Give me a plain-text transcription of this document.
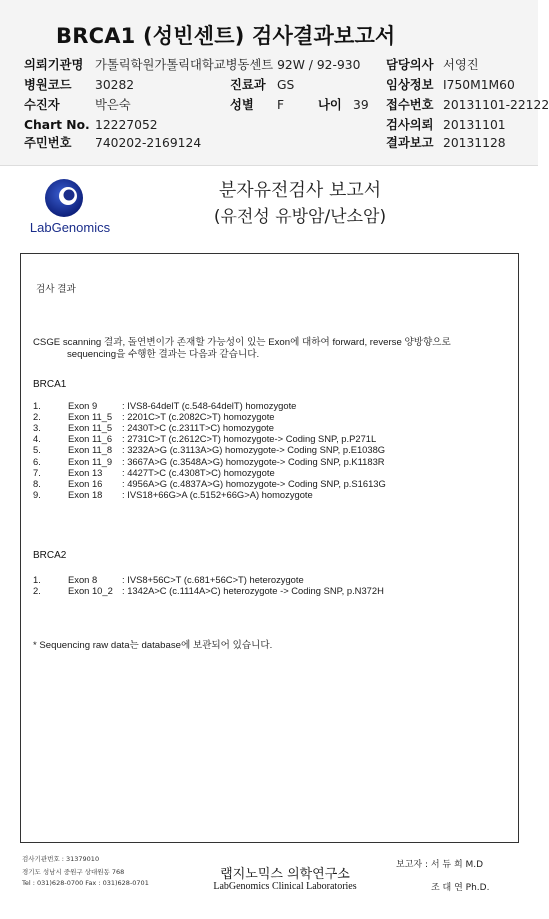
BRCA1 (성빈센트) 검사결과보고서
의뢰기관명 가톨릭학원가톨릭대학교병동센트 92W / 92-930 담당의사 서영진
병원코드 30282	진료과 GS	임상정보 I750M1M60
수진자	박은숙	성별 F	나이 39 접수번호 20131101-22122
Chart No. 12227052	검사의뢰 20131101
주민번호 740202-2169124	결과보고 20131128
LabGenomics
분자유전검사 보고서
(유전성 유방암/난소암)
검사 결과
CSGE scanning 결과, 돌연변이가 존재할 가능성이 있는 Exon에 대하여 forward, reverse 양방향으로
sequencing을 수행한 결과는 다음과 같습니다.
BRCA1
1.	Exon 9	: IVS8-64delT (c.548-64delT) homozygote
2.	Exon 11_5 : 2201C>T (c.2082C>T) homozygote
3.	Exon 11_5 : 2430T>C (c.2311T>C) homozygote
4.	Exon 11_6 : 2731C>T (c.2612C>T) homozygote-> Coding SNP, p.P271L
5.	Exon 11_8 : 3232A>G (c.3113A>G) homozygote-> Coding SNP, p.E1038G
6.	Exon 11_9 : 3667A>G (c.3548A>G) homozygote-> Coding SNP, p.K1183R
7.	Exon 13 : 4427T>C (c.4308T>C) homozygote
8.	Exon 16 : 4956A>G (c.4837A>G) homozygote-> Coding SNP, p.S1613G
9.	Exon 18 : IVS18+66G>A (c.5152+66G>A) homozygote
BRCA2
1.	Exon 8	: IVS8+56C>T (c.681+56C>T) heterozygote
2.	Exon 10_2 : 1342A>C (c.1114A>C) heterozygote -> Coding SNP, p.N372H
* Sequencing raw data는 database에 보관되어 있습니다.
검사기관번호 : 31379010
경기도 성남시 중원구 상대원동 768
Tel : 031)628-0700 Fax : 031)628-0701
랩지노믹스 의학연구소
LabGenomics Clinical Laboratories
보고자 : 서 듀 희 M.D
조 대 연 Ph.D.
